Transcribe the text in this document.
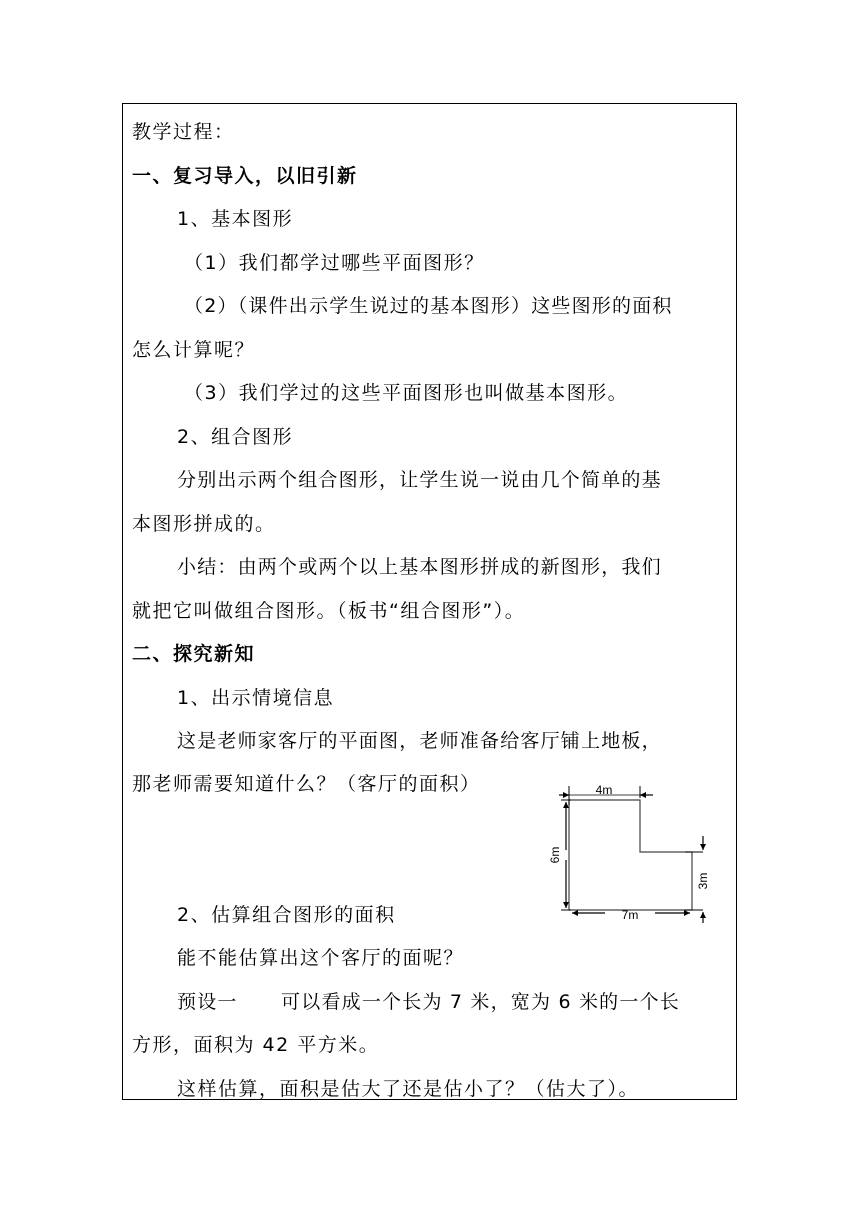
教学过程：
一、复习导入，以旧引新
1、基本图形
（1）我们都学过哪些平面图形？
（2）（课件出示学生说过的基本图形）这些图形的面积
怎么计算呢？
（3）我们学过的这些平面图形也叫做基本图形。
2、组合图形
分别出示两个组合图形，让学生说一说由几个简单的基
本图形拼成的。
小结：由两个或两个以上基本图形拼成的新图形，我们
就把它叫做组合图形。（板书“组合图形”）。
二、探究新知
1、出示情境信息
这是老师家客厅的平面图，老师准备给客厅铺上地板，
那老师需要知道什么？（客厅的面积）
2、估算组合图形的面积
能不能估算出这个客厅的面呢？
预设一      可以看成一个长为 7 米，宽为 6 米的一个长
方形，面积为 42 平方米。
这样估算，面积是估大了还是估小了？（估大了）。
4m
6m
3m
7m
